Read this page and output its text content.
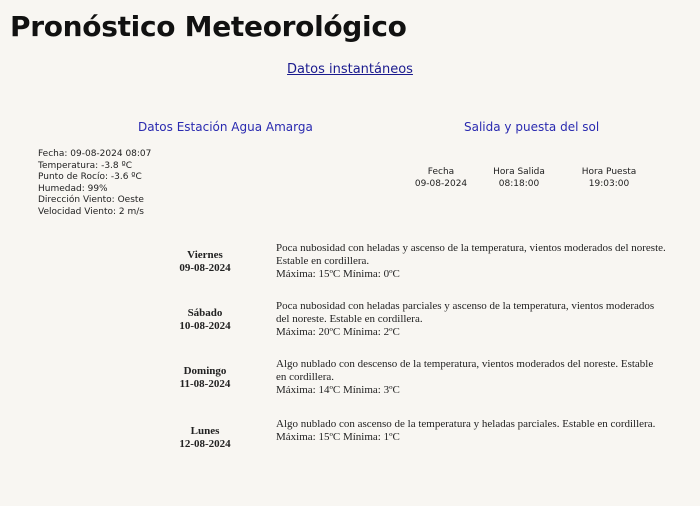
Pronóstico Meteorológico
Datos instantáneos
Datos Estación Agua Amarga	Salida y puesta del sol
Fecha: 09-08-2024 08:07
Temperatura: -3.8 ºC
Punto de Rocío: -3.6 ºC
Humedad: 99%
Dirección Viento: Oeste
Velocidad Viento: 2 m/s
Fecha
09-08-2024
Hora Salida
08:18:00
Hora Puesta
19:03:00
Viernes
09-08-2024
Poca nubosidad con heladas y ascenso de la temperatura, vientos moderados del noreste. Estable en cordillera.
Máxima: 15ºC Mínima: 0ºC
Sábado
10-08-2024
Poca nubosidad con heladas parciales y ascenso de la temperatura, vientos moderados del noreste. Estable en cordillera.
Máxima: 20ºC Mínima: 2ºC
Domingo
11-08-2024
Algo nublado con descenso de la temperatura, vientos moderados del noreste. Estable en cordillera.
Máxima: 14ºC Mínima: 3ºC
Lunes
12-08-2024
Algo nublado con ascenso de la temperatura y heladas parciales. Estable en cordillera.
Máxima: 15ºC Mínima: 1ºC
